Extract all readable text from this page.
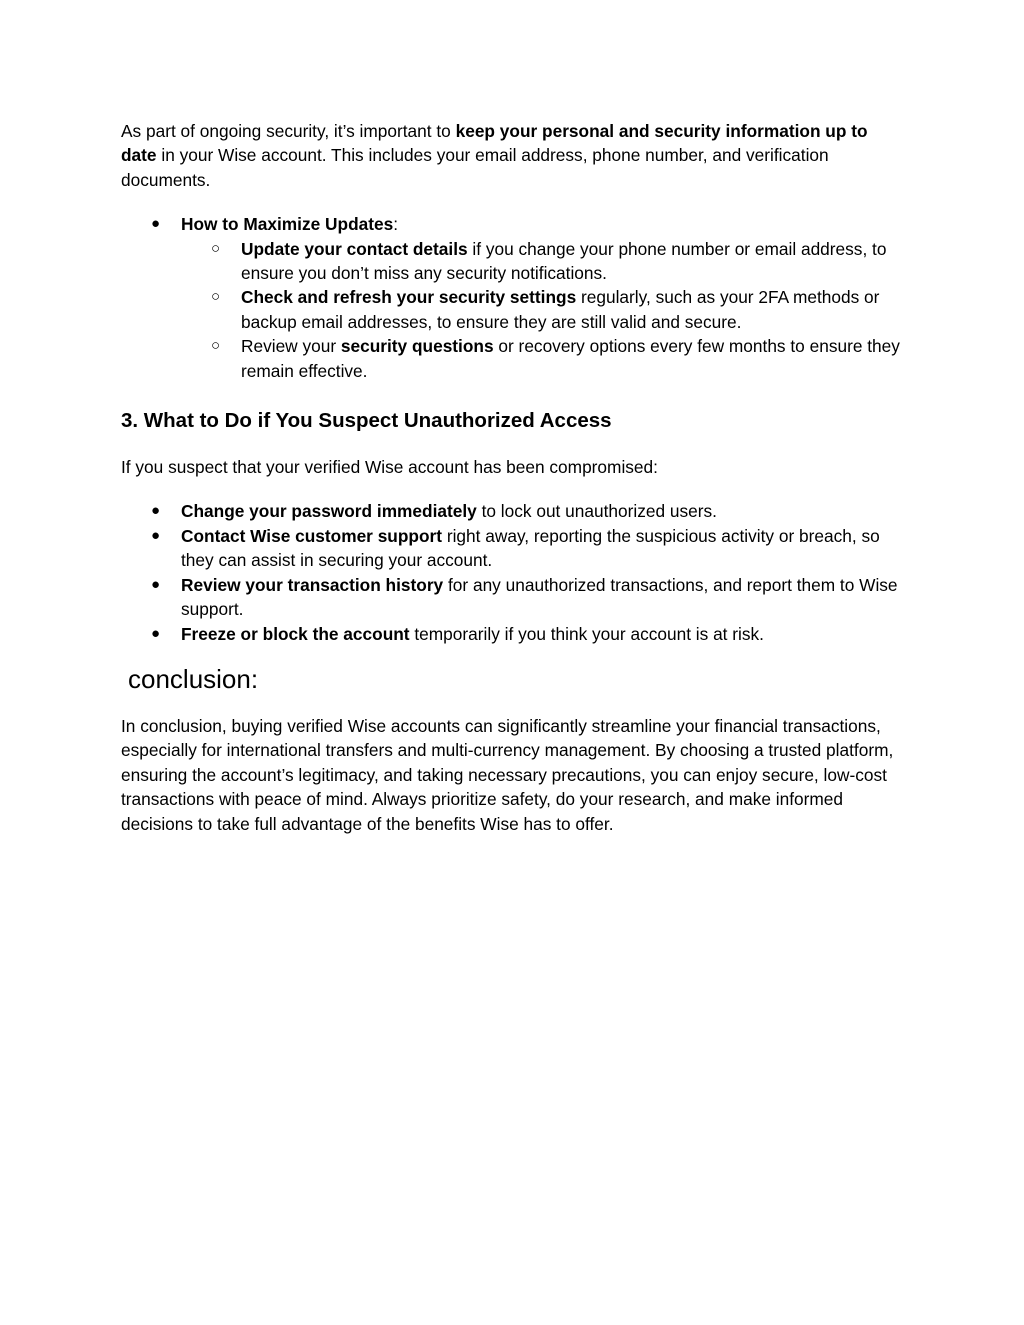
As part of ongoing security, it’s important to keep your personal and security information up to date in your Wise account. This includes your email address, phone number, and verification documents.

● How to Maximize Updates:
○ Update your contact details if you change your phone number or email address, to ensure you don’t miss any security notifications.
○ Check and refresh your security settings regularly, such as your 2FA methods or backup email addresses, to ensure they are still valid and secure.
○ Review your security questions or recovery options every few months to ensure they remain effective.
3. What to Do if You Suspect Unauthorized Access

If you suspect that your verified Wise account has been compromised:

● Change your password immediately to lock out unauthorized users.
● Contact Wise customer support right away, reporting the suspicious activity or breach, so they can assist in securing your account.
● Review your transaction history for any unauthorized transactions, and report them to Wise support.
● Freeze or block the account temporarily if you think your account is at risk.
conclusion:

In conclusion, buying verified Wise accounts can significantly streamline your financial transactions, especially for international transfers and multi-currency management. By choosing a trusted platform, ensuring the account’s legitimacy, and taking necessary precautions, you can enjoy secure, low-cost transactions with peace of mind. Always prioritize safety, do your research, and make informed decisions to take full advantage of the benefits Wise has to offer.
